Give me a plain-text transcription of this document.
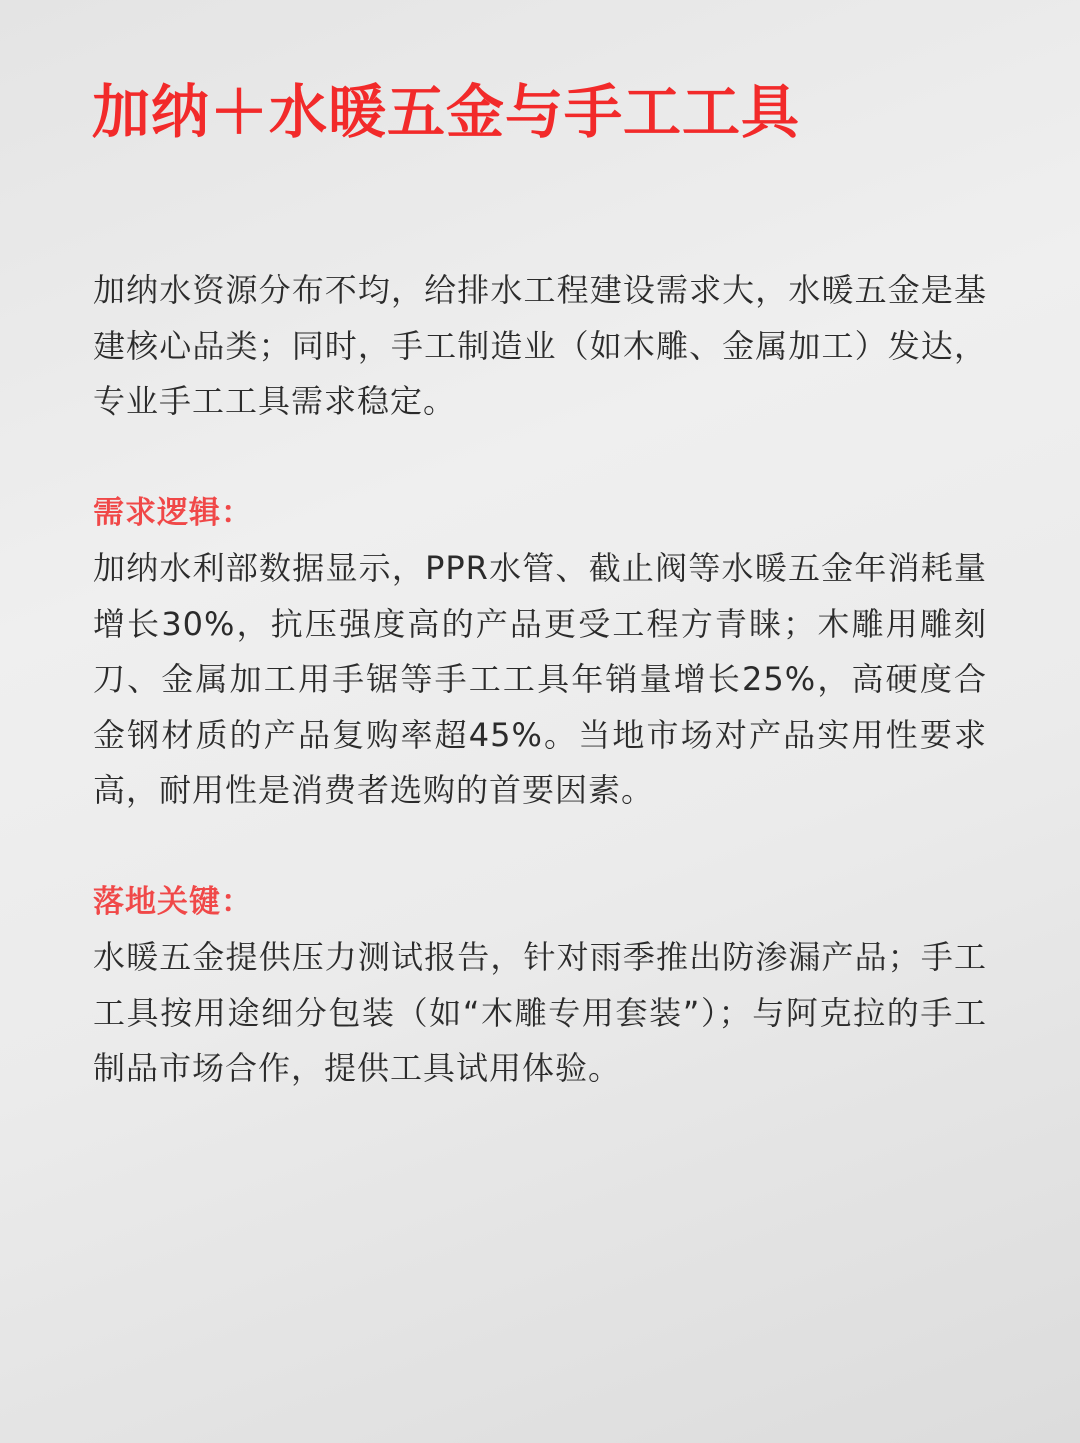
加纳＋水暖五金与手工工具

加纳水资源分布不均，给排水工程建设需求大，水暖五金是基建核心品类；同时，手工制造业（如木雕、金属加工）发达，专业手工工具需求稳定。

需求逻辑：

加纳水利部数据显示，PPR水管、截止阀等水暖五金年消耗量增长30%，抗压强度高的产品更受工程方青睐；木雕用雕刻刀、金属加工用手锯等手工工具年销量增长25%，高硬度合金钢材质的产品复购率超45%。当地市场对产品实用性要求高，耐用性是消费者选购的首要因素。

落地关键：

水暖五金提供压力测试报告，针对雨季推出防渗漏产品；手工工具按用途细分包装（如“木雕专用套装”）；与阿克拉的手工制品市场合作，提供工具试用体验。
